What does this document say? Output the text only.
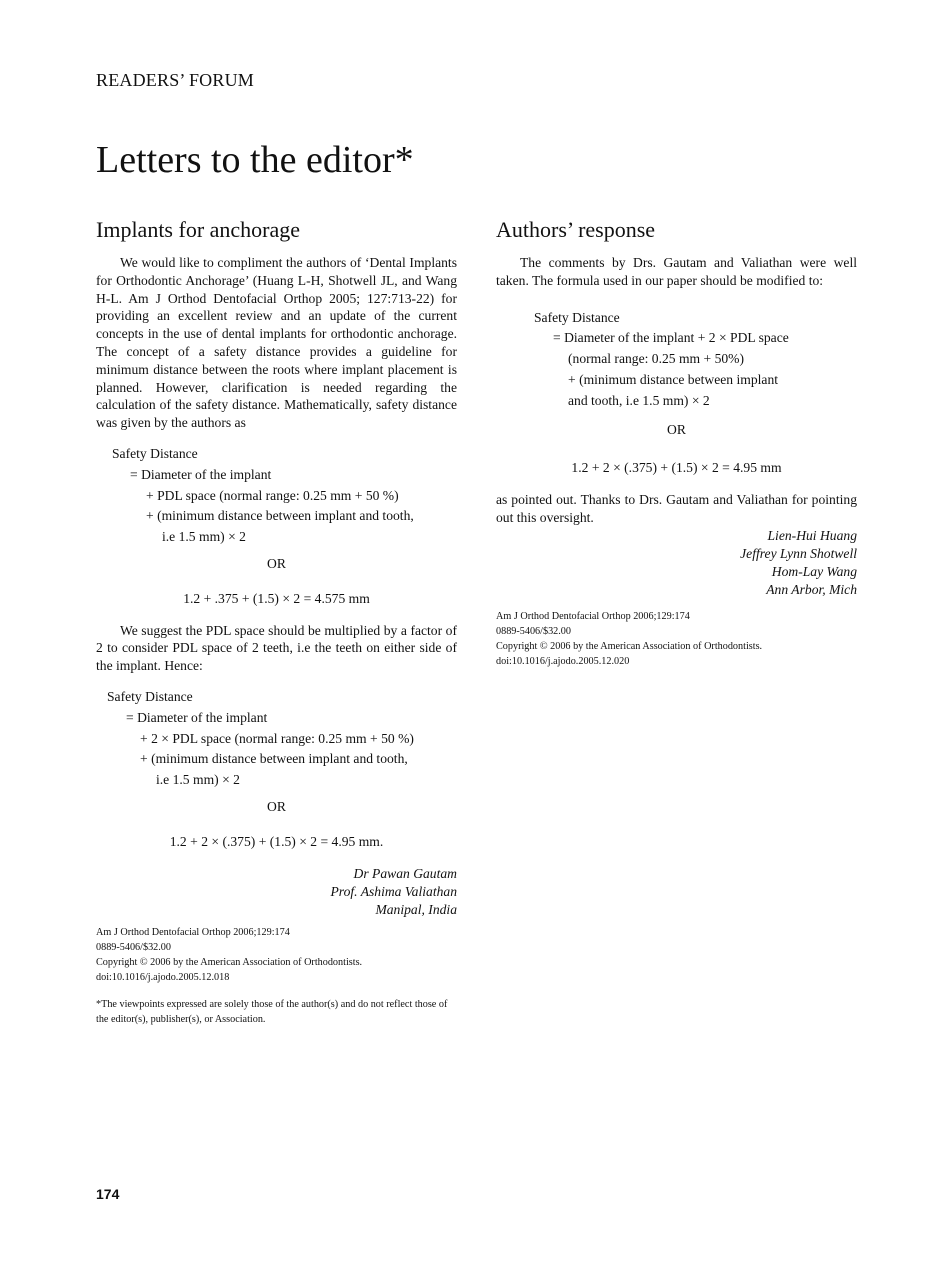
READERS’ FORUM
Letters to the editor*
Implants for anchorage

We would like to compliment the authors of ‘Dental Implants for Orthodontic Anchorage’ (Huang L-H, Shotwell JL, and Wang H-L. Am J Orthod Dentofacial Orthop 2005; 127:713-22) for providing an excellent review and an update of the current concepts in the use of dental implants for orthodontic anchorage. The concept of a safety distance provides a guideline for minimum distance between the roots where implant placement is planned. However, clarification is needed regarding the calculation of the safety distance. Mathematically, safety distance was given by the authors as

Safety Distance
= Diameter of the implant
+ PDL space (normal range: 0.25 mm + 50 %)
+ (minimum distance between implant and tooth,
i.e 1.5 mm) × 2
OR
1.2 + .375 + (1.5) × 2 = 4.575 mm

We suggest the PDL space should be multiplied by a factor of 2 to consider PDL space of 2 teeth, i.e the teeth on either side of the implant. Hence:

Safety Distance
= Diameter of the implant
+ 2 × PDL space (normal range: 0.25 mm + 50 %)
+ (minimum distance between implant and tooth,
i.e 1.5 mm) × 2
OR
1.2 + 2 × (.375) + (1.5) × 2 = 4.95 mm.
Dr Pawan Gautam
Prof. Ashima Valiathan
Manipal, India
Am J Orthod Dentofacial Orthop 2006;129:174
0889-5406/$32.00
Copyright © 2006 by the American Association of Orthodontists.
doi:10.1016/j.ajodo.2005.12.018
*The viewpoints expressed are solely those of the author(s) and do not reflect those of the editor(s), publisher(s), or Association.
Authors’ response

The comments by Drs. Gautam and Valiathan were well taken. The formula used in our paper should be modified to:

Safety Distance
= Diameter of the implant + 2 × PDL space
(normal range: 0.25 mm + 50%)
+ (minimum distance between implant
and tooth, i.e 1.5 mm) × 2
OR
1.2 + 2 × (.375) + (1.5) × 2 = 4.95 mm

as pointed out. Thanks to Drs. Gautam and Valiathan for pointing out this oversight.

Lien-Hui Huang
Jeffrey Lynn Shotwell
Hom-Lay Wang
Ann Arbor, Mich
Am J Orthod Dentofacial Orthop 2006;129:174
0889-5406/$32.00
Copyright © 2006 by the American Association of Orthodontists.
doi:10.1016/j.ajodo.2005.12.020
174
